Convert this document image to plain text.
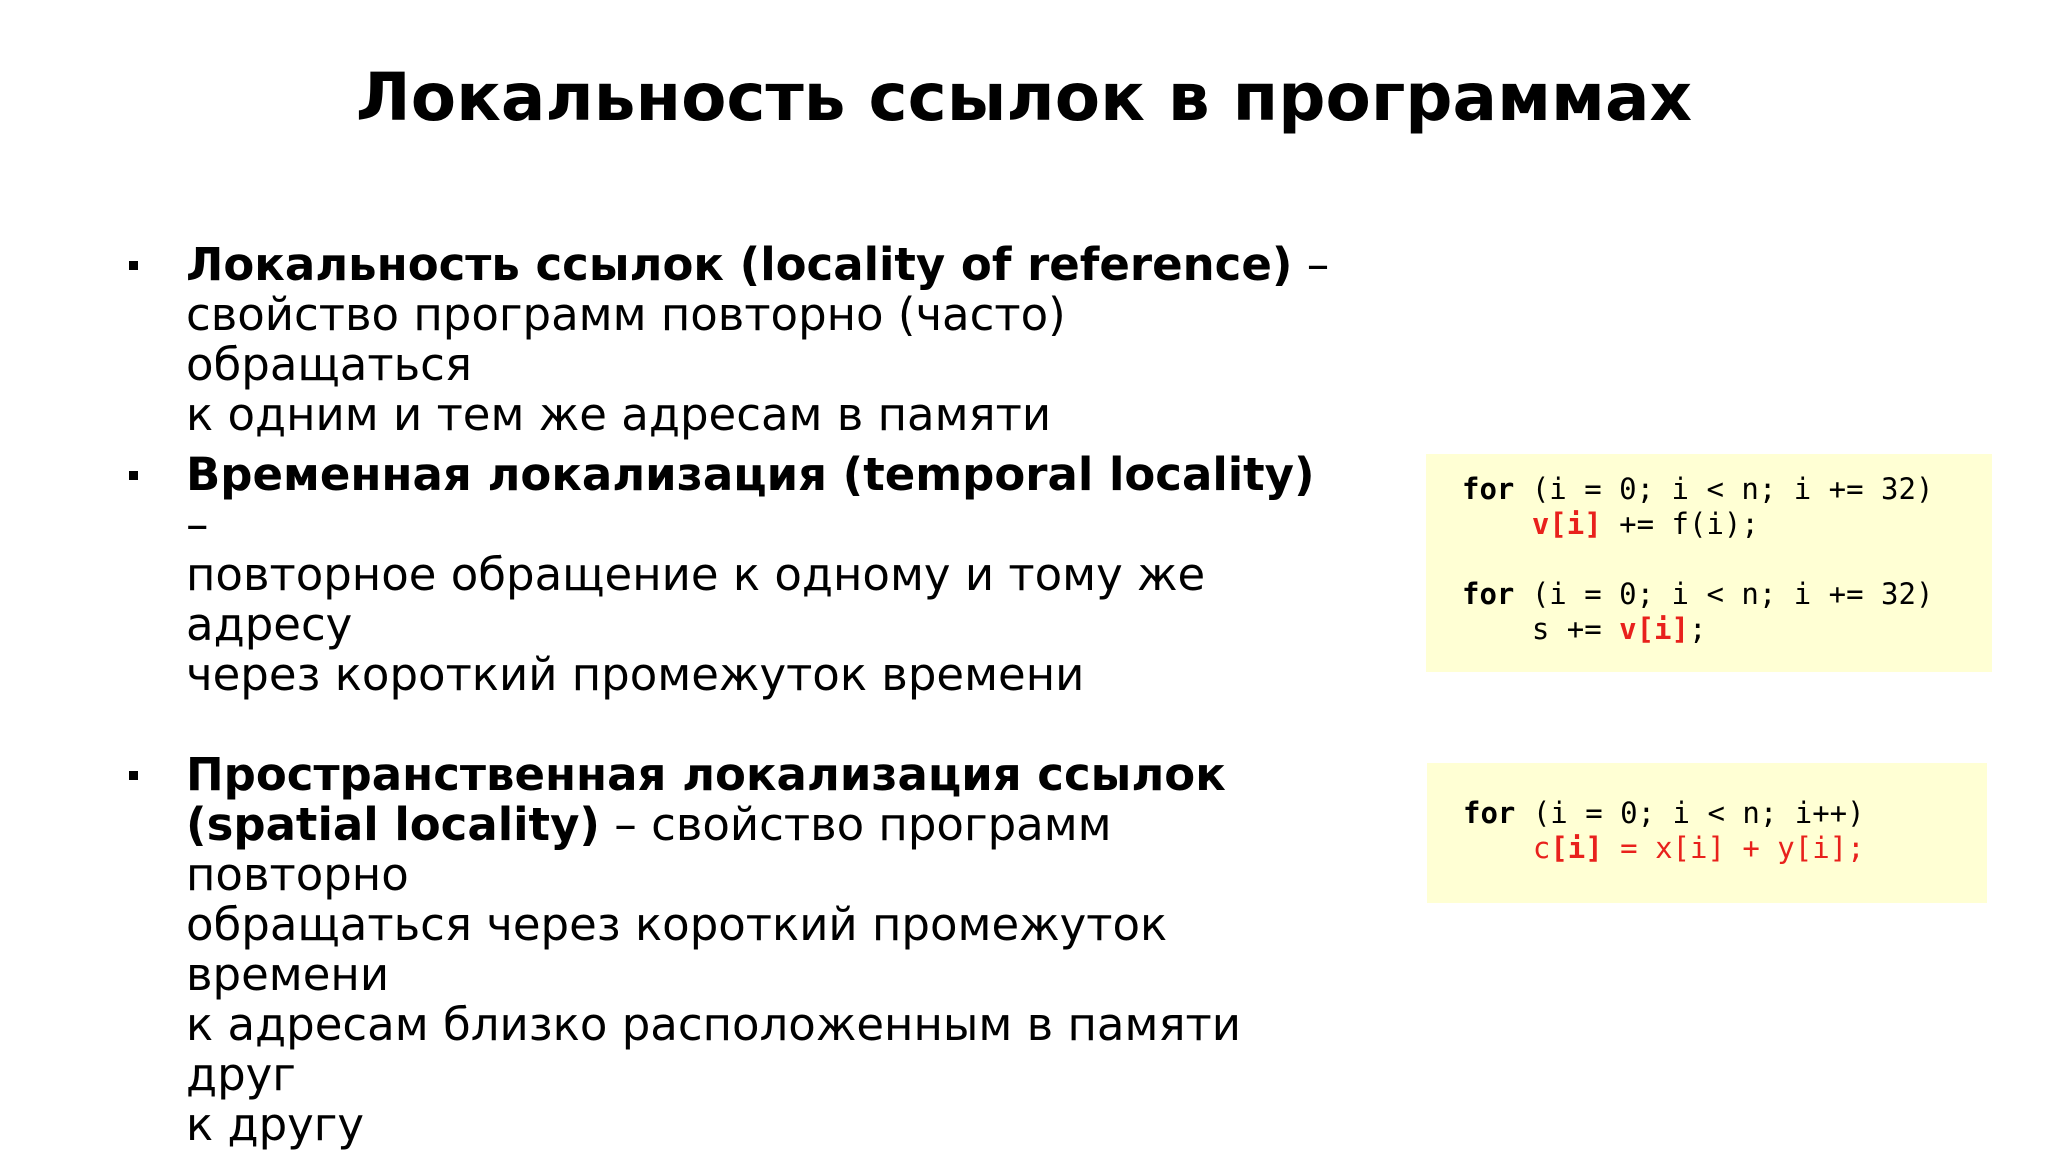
Локальность ссылок в программах
Локальность ссылок (locality of reference) –
свойство программ повторно (часто) обращаться
к одним и тем же адресам в памяти
Временная локализация (temporal locality) –
повторное обращение к одному и тому же адресу
через короткий промежуток времени
Пространственная локализация ссылок
(spatial locality) – свойство программ повторно
обращаться через короткий промежуток времени
к адресам близко расположенным в памяти друг
к другу
for (i = 0; i < n; i += 32)
v[i] += f(i);
for (i = 0; i < n; i += 32)
s += v[i];
for (i = 0; i < n; i++)
c[i] = x[i] + y[i];
